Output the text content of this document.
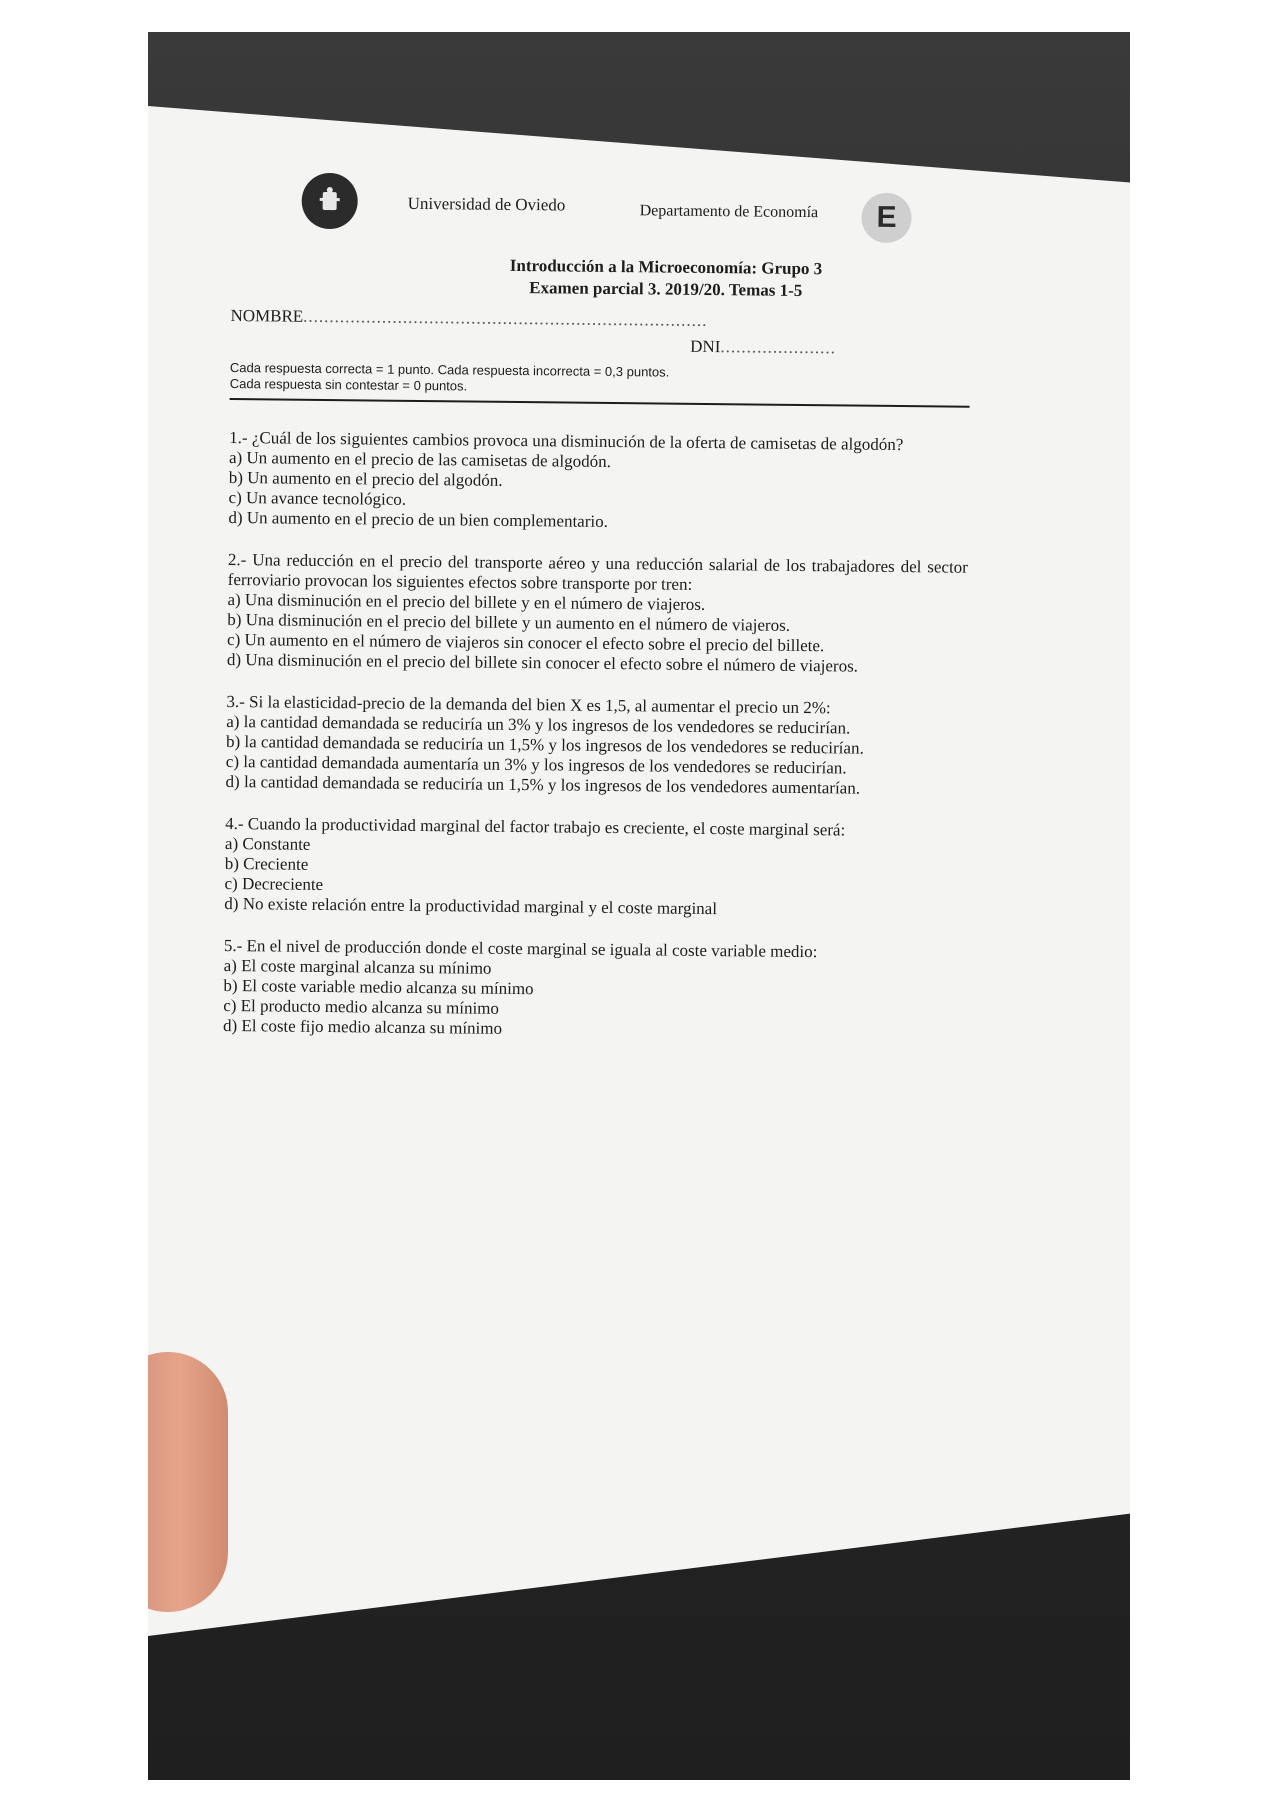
Universidad de Oviedo	Departamento de Economía	E
Introducción a la Microeconomía: Grupo 3
Examen parcial 3. 2019/20. Temas 1-5
NOMBRE.............................................................................
DNI......................
Cada respuesta correcta = 1 punto. Cada respuesta incorrecta = 0,3 puntos.
Cada respuesta sin contestar = 0 puntos.
1.- ¿Cuál de los siguientes cambios provoca una disminución de la oferta de camisetas de algodón?
a) Un aumento en el precio de las camisetas de algodón.
b) Un aumento en el precio del algodón.
c) Un avance tecnológico.
d) Un aumento en el precio de un bien complementario.
2.- Una reducción en el precio del transporte aéreo y una reducción salarial de los trabajadores del sector ferroviario provocan los siguientes efectos sobre transporte por tren:
a) Una disminución en el precio del billete y en el número de viajeros.
b) Una disminución en el precio del billete y un aumento en el número de viajeros.
c) Un aumento en el número de viajeros sin conocer el efecto sobre el precio del billete.
d) Una disminución en el precio del billete sin conocer el efecto sobre el número de viajeros.
3.- Si la elasticidad-precio de la demanda del bien X es 1,5, al aumentar el precio un 2%:
a) la cantidad demandada se reduciría un 3% y los ingresos de los vendedores se reducirían.
b) la cantidad demandada se reduciría un 1,5% y los ingresos de los vendedores se reducirían.
c) la cantidad demandada aumentaría un 3% y los ingresos de los vendedores se reducirían.
d) la cantidad demandada se reduciría un 1,5% y los ingresos de los vendedores aumentarían.
4.- Cuando la productividad marginal del factor trabajo es creciente, el coste marginal será:
a) Constante
b) Creciente
c) Decreciente
d) No existe relación entre la productividad marginal y el coste marginal
5.- En el nivel de producción donde el coste marginal se iguala al coste variable medio:
a) El coste marginal alcanza su mínimo
b) El coste variable medio alcanza su mínimo
c) El producto medio alcanza su mínimo
d) El coste fijo medio alcanza su mínimo
